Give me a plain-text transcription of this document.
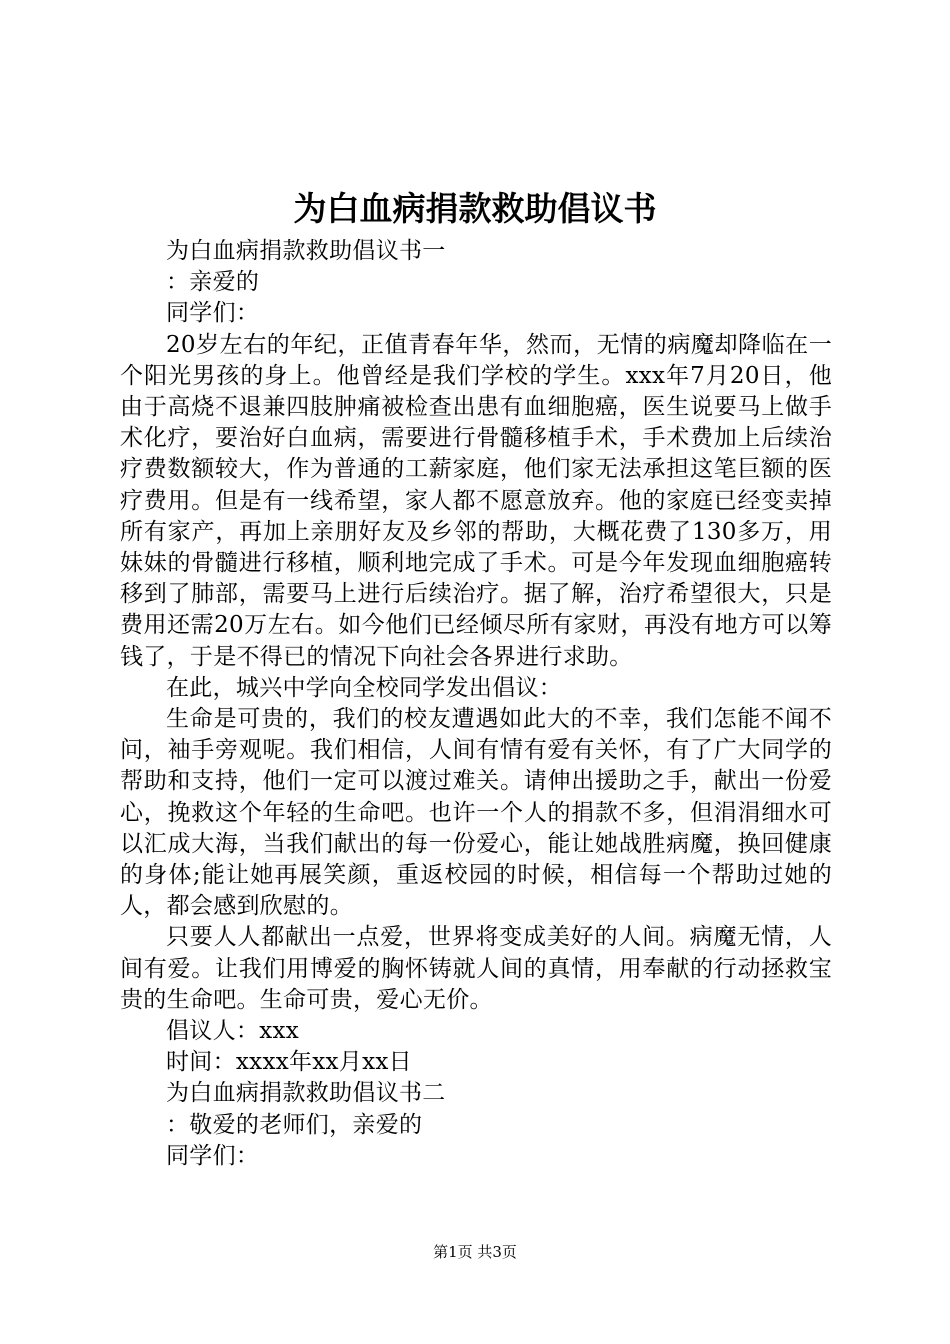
为白血病捐款救助倡议书

为白血病捐款救助倡议书一

：亲爱的

同学们：

20岁左右的年纪，正值青春年华，然而，无情的病魔却降临在一个阳光男孩的身上。他曾经是我们学校的学生。xxx年7月20日，他由于高烧不退兼四肢肿痛被检查出患有血细胞癌，医生说要马上做手术化疗，要治好白血病，需要进行骨髓移植手术，手术费加上后续治疗费数额较大，作为普通的工薪家庭，他们家无法承担这笔巨额的医疗费用。但是有一线希望，家人都不愿意放弃。他的家庭已经变卖掉所有家产，再加上亲朋好友及乡邻的帮助，大概花费了130多万，用妹妹的骨髓进行移植，顺利地完成了手术。可是今年发现血细胞癌转移到了肺部，需要马上进行后续治疗。据了解，治疗希望很大，只是费用还需20万左右。如今他们已经倾尽所有家财，再没有地方可以筹钱了，于是不得已的情况下向社会各界进行求助。

在此，城兴中学向全校同学发出倡议：

生命是可贵的，我们的校友遭遇如此大的不幸，我们怎能不闻不问，袖手旁观呢。我们相信，人间有情有爱有关怀，有了广大同学的帮助和支持，他们一定可以渡过难关。请伸出援助之手，献出一份爱心，挽救这个年轻的生命吧。也许一个人的捐款不多，但涓涓细水可以汇成大海，当我们献出的每一份爱心，能让她战胜病魔，换回健康的身体;能让她再展笑颜，重返校园的时候，相信每一个帮助过她的人，都会感到欣慰的。

只要人人都献出一点爱，世界将变成美好的人间。病魔无情，人间有爱。让我们用博爱的胸怀铸就人间的真情，用奉献的行动拯救宝贵的生命吧。生命可贵，爱心无价。

倡议人：xxx

时间：xxxx年xx月xx日

为白血病捐款救助倡议书二

：敬爱的老师们，亲爱的

同学们：

第1页 共3页
